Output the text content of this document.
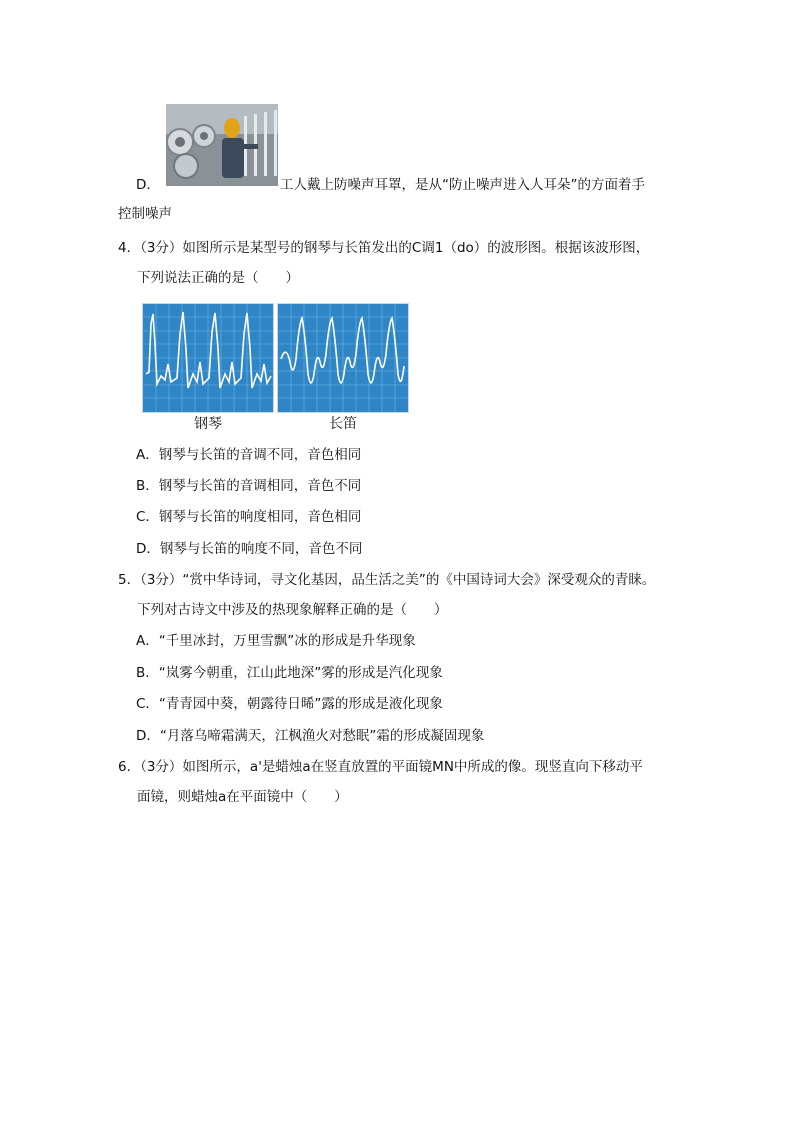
D．	工人戴上防噪声耳罩，是从“防止噪声进入人耳朵”的方面着手
控制噪声
4．（3分）如图所示是某型号的钢琴与长笛发出的C调1（do）的波形图。根据该波形图，
下列说法正确的是（　　）
钢琴	长笛
A．钢琴与长笛的音调不同，音色相同
B．钢琴与长笛的音调相同，音色不同
C．钢琴与长笛的响度相同，音色相同
D．钢琴与长笛的响度不同，音色不同
5．（3分）“赏中华诗词，寻文化基因，品生活之美”的《中国诗词大会》深受观众的青睐。
下列对古诗文中涉及的热现象解释正确的是（　　）
A．“千里冰封，万里雪飘”冰的形成是升华现象
B．“岚雾今朝重，江山此地深”雾的形成是汽化现象
C．“青青园中葵，朝露待日晞”露的形成是液化现象
D．“月落乌啼霜满天，江枫渔火对愁眠”霜的形成凝固现象
6．（3分）如图所示，a'是蜡烛a在竖直放置的平面镜MN中所成的像。现竖直向下移动平
面镜，则蜡烛a在平面镜中（　　）
